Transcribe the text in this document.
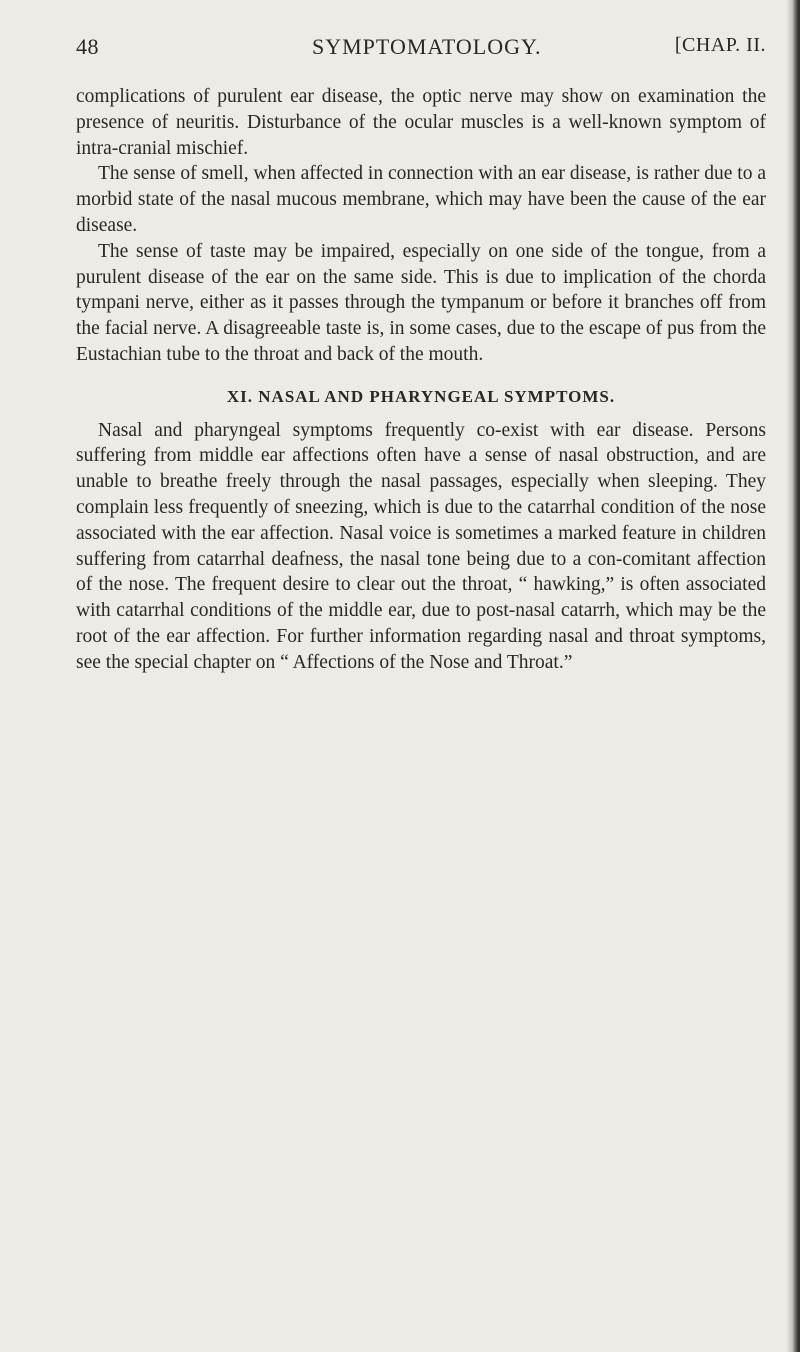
48	SYMPTOMATOLOGY.	[CHAP. II.

complications of purulent ear disease, the optic nerve may show on examination the presence of neuritis. Disturbance of the ocular muscles is a well-known symptom of intra-cranial mischief.

The sense of smell, when affected in connection with an ear disease, is rather due to a morbid state of the nasal mucous membrane, which may have been the cause of the ear disease.

The sense of taste may be impaired, especially on one side of the tongue, from a purulent disease of the ear on the same side. This is due to implication of the chorda tympani nerve, either as it passes through the tympanum or before it branches off from the facial nerve. A disagreeable taste is, in some cases, due to the escape of pus from the Eustachian tube to the throat and back of the mouth.

XI. NASAL AND PHARYNGEAL SYMPTOMS.

Nasal and pharyngeal symptoms frequently co-exist with ear disease. Persons suffering from middle ear affections often have a sense of nasal obstruction, and are unable to breathe freely through the nasal passages, especially when sleeping. They complain less frequently of sneezing, which is due to the catarrhal condition of the nose associated with the ear affection. Nasal voice is sometimes a marked feature in children suffering from catarrhal deafness, the nasal tone being due to a con-comitant affection of the nose. The frequent desire to clear out the throat, “ hawking,” is often associated with catarrhal conditions of the middle ear, due to post-nasal catarrh, which may be the root of the ear affection. For further information regarding nasal and throat symptoms, see the special chapter on “ Affections of the Nose and Throat.”
